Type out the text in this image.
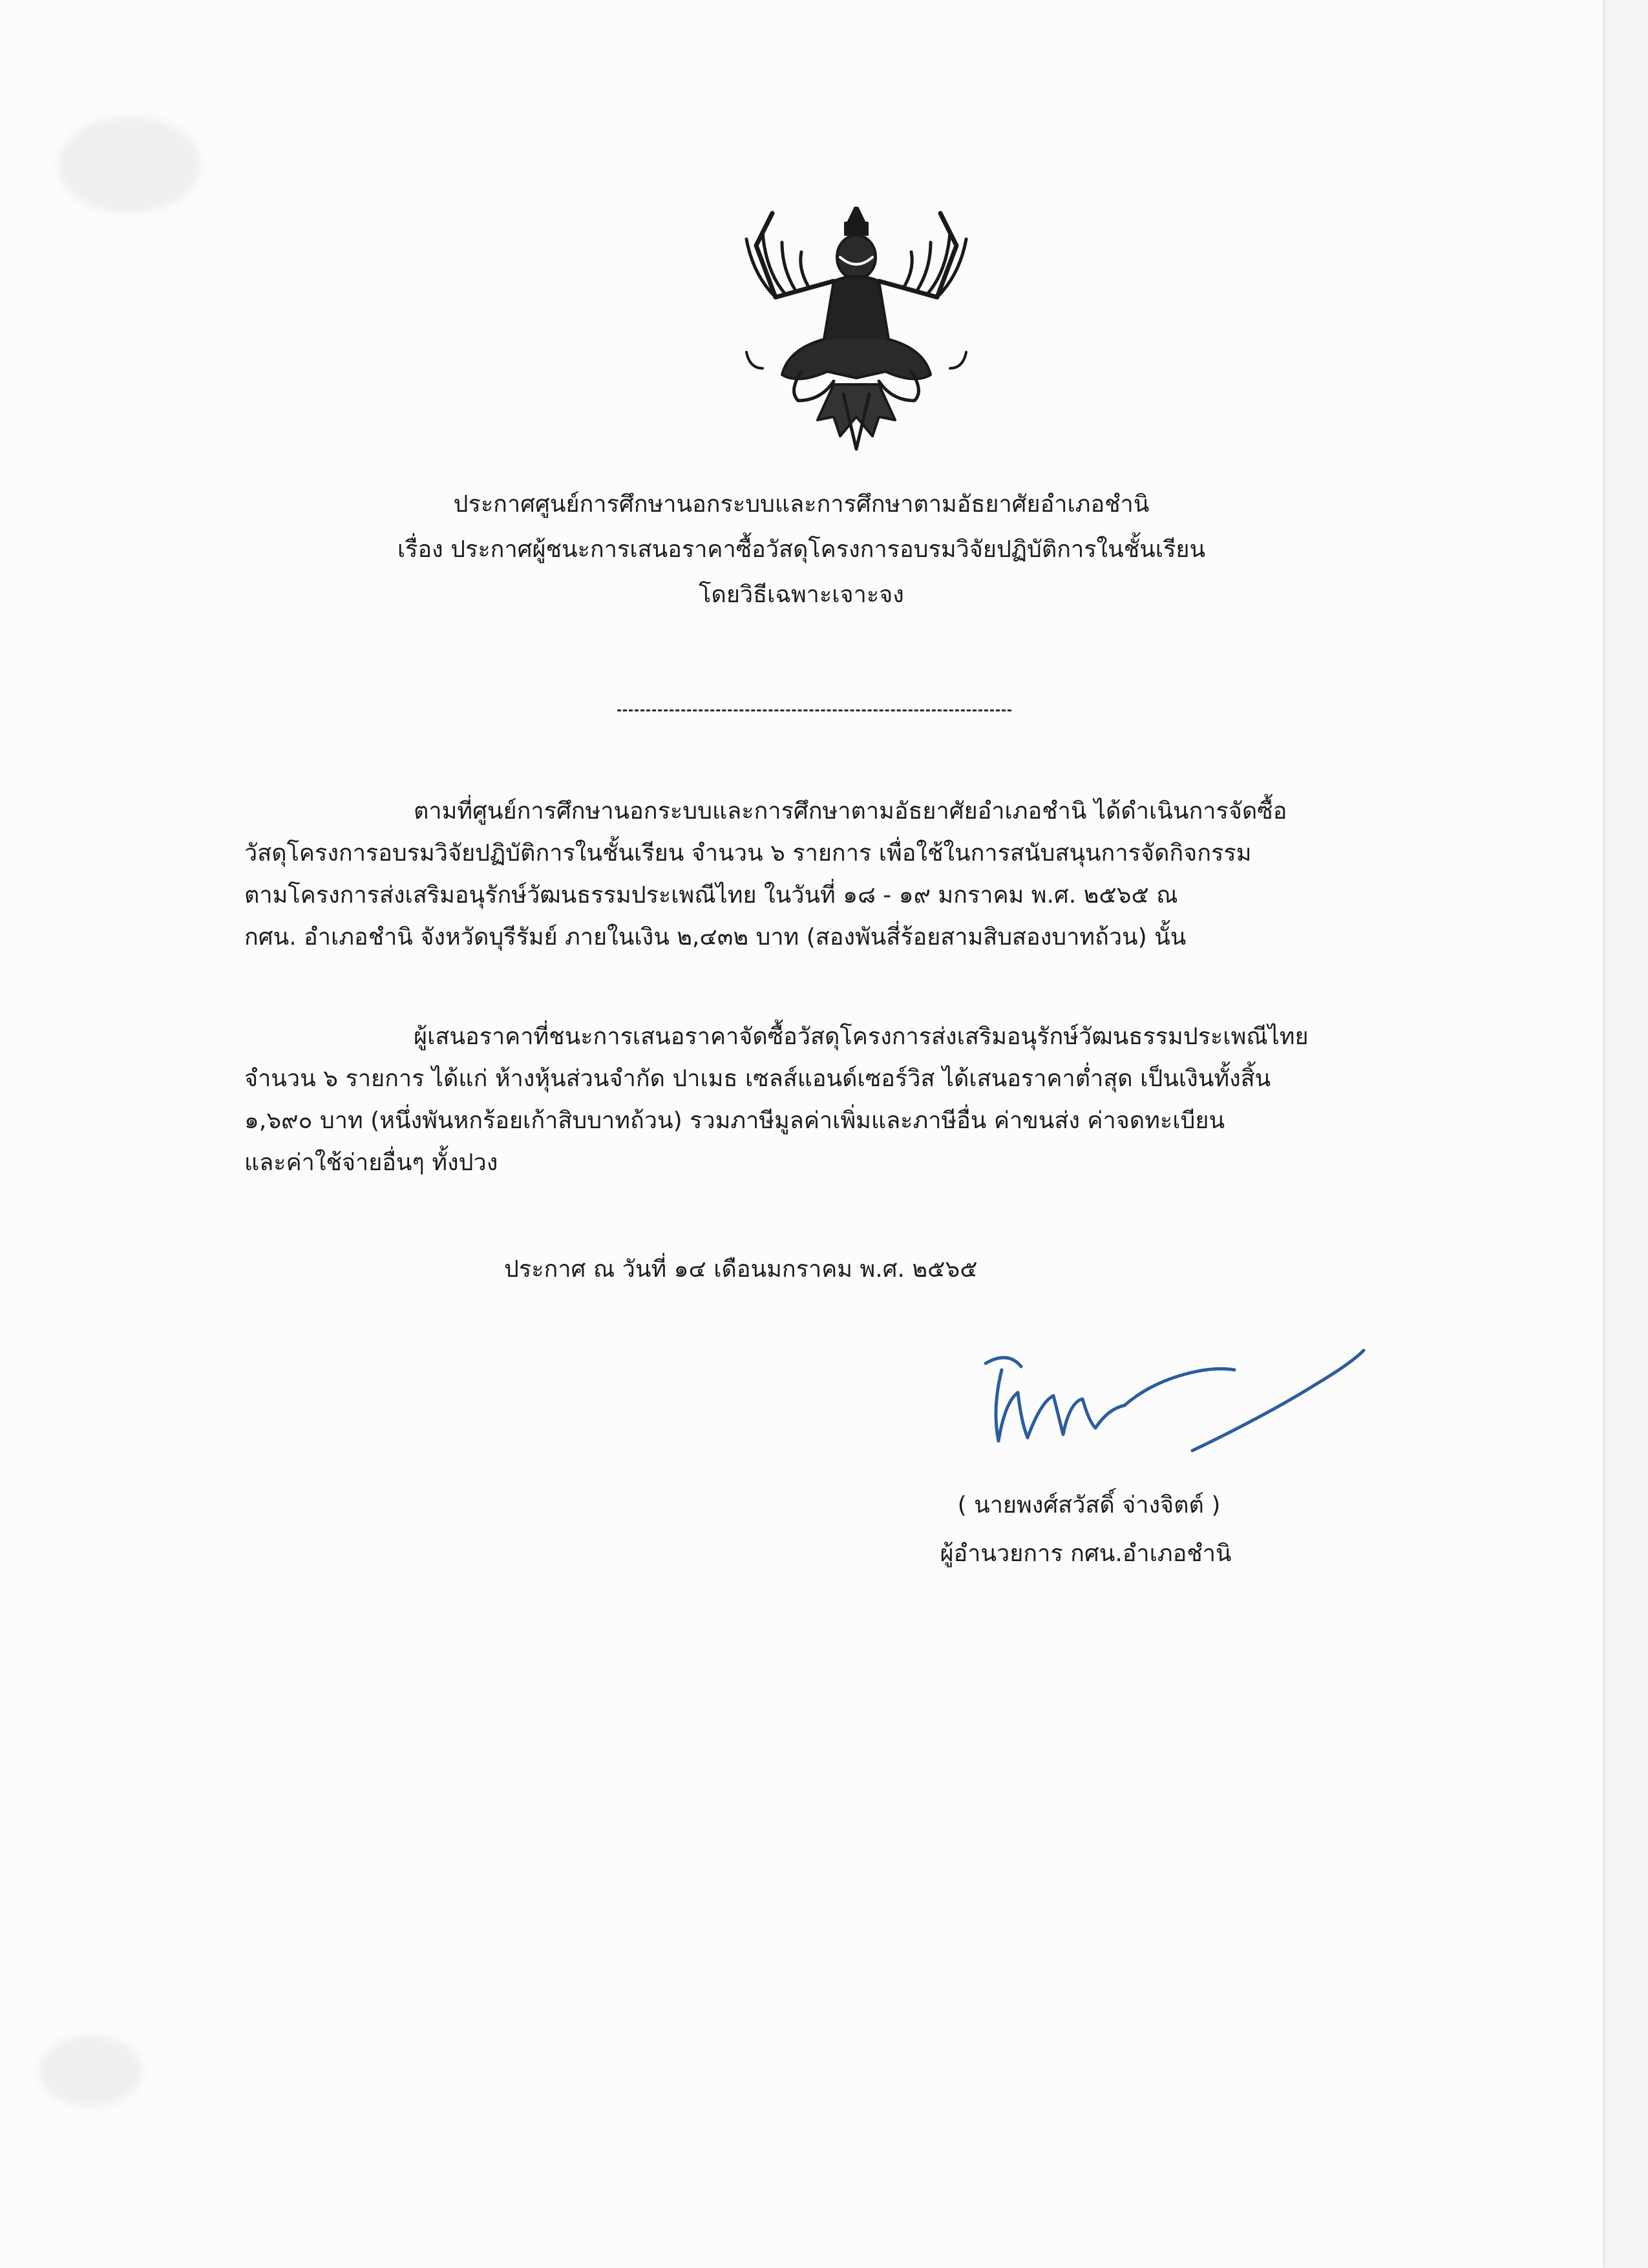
ประกาศศูนย์การศึกษานอกระบบและการศึกษาตามอัธยาศัยอำเภอชำนิ
เรื่อง ประกาศผู้ชนะการเสนอราคาซื้อวัสดุโครงการอบรมวิจัยปฏิบัติการในชั้นเรียน
โดยวิธีเฉพาะเจาะจง
ตามที่ศูนย์การศึกษานอกระบบและการศึกษาตามอัธยาศัยอำเภอชำนิ ได้ดำเนินการจัดซื้อ
วัสดุโครงการอบรมวิจัยปฏิบัติการในชั้นเรียน จำนวน ๖ รายการ เพื่อใช้ในการสนับสนุนการจัดกิจกรรม
ตามโครงการส่งเสริมอนุรักษ์วัฒนธรรมประเพณีไทย ในวันที่ ๑๘ - ๑๙ มกราคม พ.ศ. ๒๕๖๕ ณ
กศน. อำเภอชำนิ จังหวัดบุรีรัมย์ ภายในเงิน ๒,๔๓๒ บาท (สองพันสี่ร้อยสามสิบสองบาทถ้วน) นั้น
ผู้เสนอราคาที่ชนะการเสนอราคาจัดซื้อวัสดุโครงการส่งเสริมอนุรักษ์วัฒนธรรมประเพณีไทย
จำนวน ๖ รายการ ได้แก่ ห้างหุ้นส่วนจำกัด ปาเมธ เซลส์แอนด์เซอร์วิส ได้เสนอราคาต่ำสุด เป็นเงินทั้งสิ้น
๑,๖๙๐ บาท (หนึ่งพันหกร้อยเก้าสิบบาทถ้วน) รวมภาษีมูลค่าเพิ่มและภาษีอื่น ค่าขนส่ง ค่าจดทะเบียน
และค่าใช้จ่ายอื่นๆ ทั้งปวง
ประกาศ ณ วันที่ ๑๔ เดือนมกราคม พ.ศ. ๒๕๖๕
( นายพงศ์สวัสดิ์ จ่างจิตต์ )
ผู้อำนวยการ กศน.อำเภอชำนิ
